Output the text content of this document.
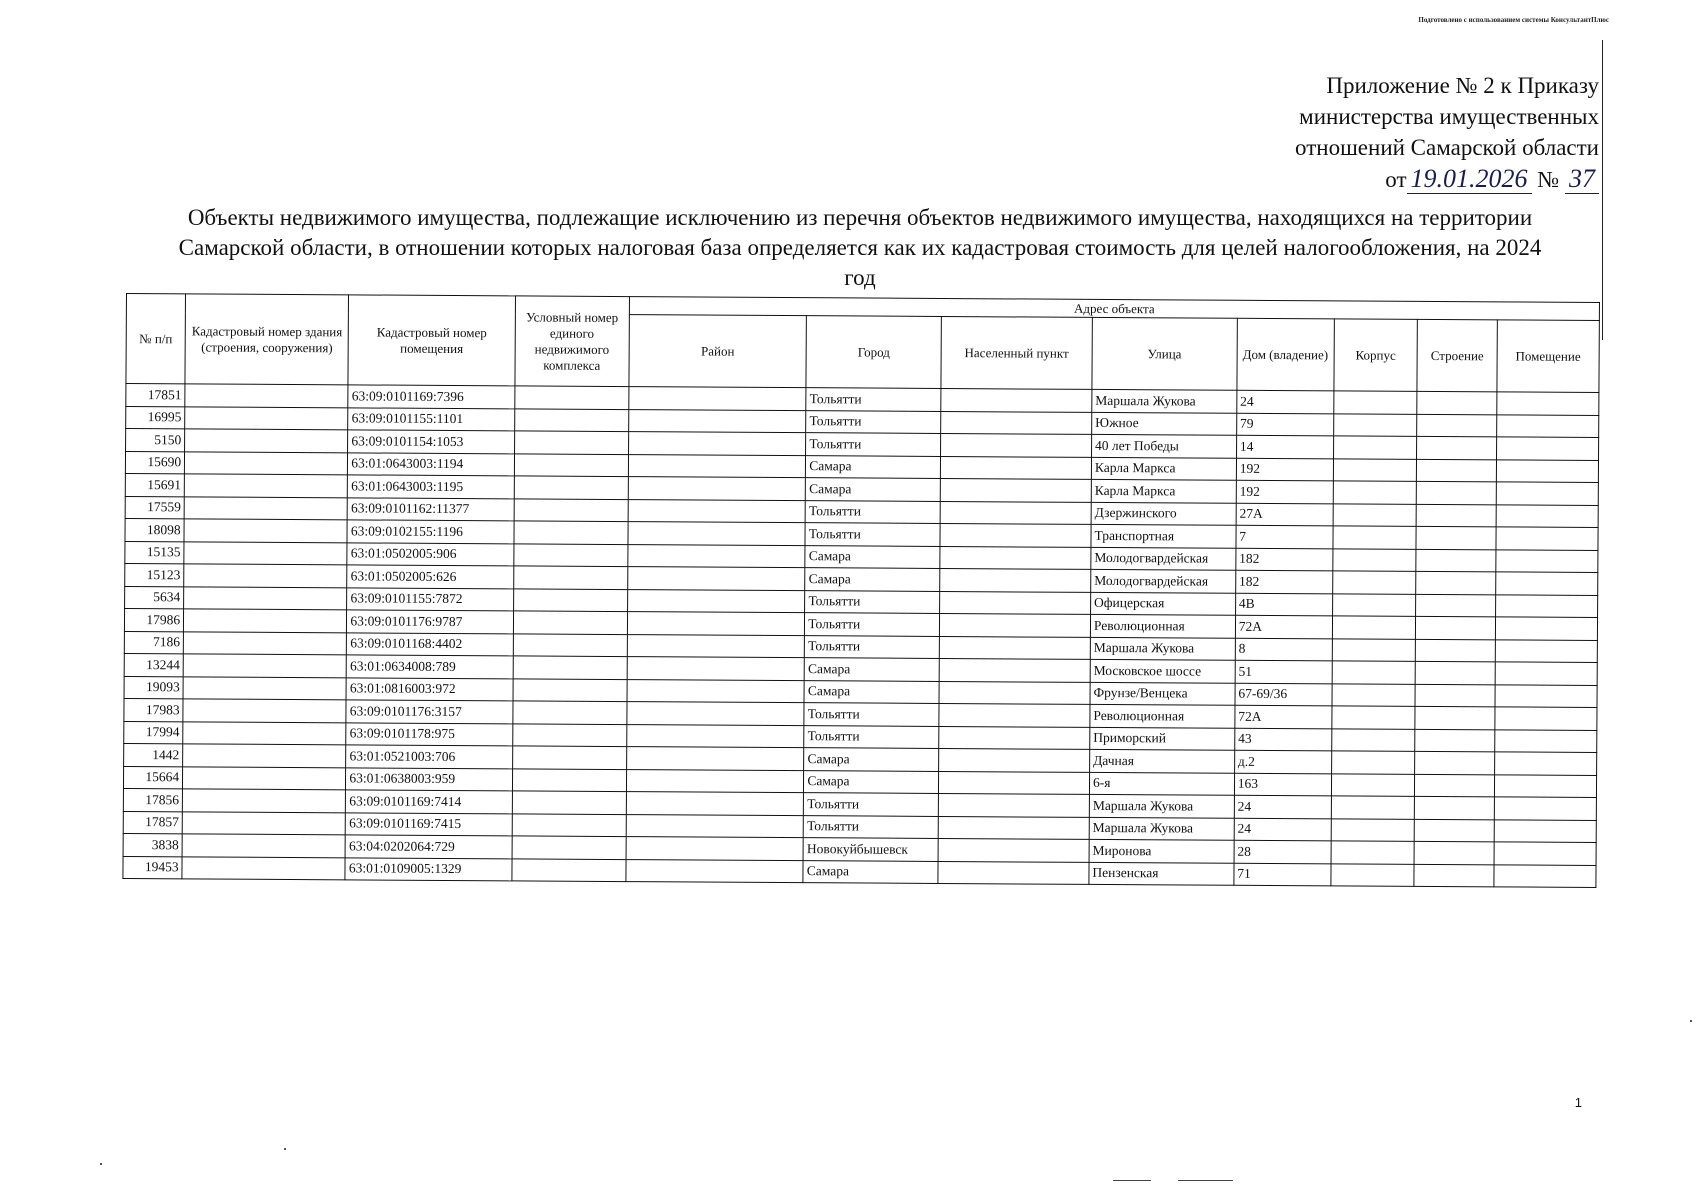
Подготовлено с использованием системы КонсультантПлюс
Приложение № 2 к Приказу
министерства имущественных
отношений Самарской области
от 19.01.2026 № 37
Объекты недвижимого имущества, подлежащие исключению из перечня объектов недвижимого имущества, находящихся на территории Самарской области, в отношении которых налоговая база определяется как их кадастровая стоимость для целей налогообложения, на 2024 год
№ п/п	Кадастровый номер здания (строения, сооружения)	Кадастровый номер помещения	Условный номер единого недвижимого комплекса	Адрес объекта							
				Район	Город	Населенный пункт	Улица	Дом (владение)	Корпус	Строение	Помещение
17851		63:09:0101169:7396			Тольятти		Маршала Жукова	24			
16995		63:09:0101155:1101			Тольятти		Южное	79			
5150		63:09:0101154:1053			Тольятти		40 лет Победы	14			
15690		63:01:0643003:1194			Самара		Карла Маркса	192			
15691		63:01:0643003:1195			Самара		Карла Маркса	192			
17559		63:09:0101162:11377			Тольятти		Дзержинского	27А			
18098		63:09:0102155:1196			Тольятти		Транспортная	7			
15135		63:01:0502005:906			Самара		Молодогвардейская	182			
15123		63:01:0502005:626			Самара		Молодогвардейская	182			
5634		63:09:0101155:7872			Тольятти		Офицерская	4В			
17986		63:09:0101176:9787			Тольятти		Революционная	72А			
7186		63:09:0101168:4402			Тольятти		Маршала Жукова	8			
13244		63:01:0634008:789			Самара		Московское шоссе	51			
19093		63:01:0816003:972			Самара		Фрунзе/Венцека	67-69/36			
17983		63:09:0101176:3157			Тольятти		Революционная	72А			
17994		63:09:0101178:975			Тольятти		Приморский	43			
1442		63:01:0521003:706			Самара		Дачная	д.2			
15664		63:01:0638003:959			Самара		6-я	163			
17856		63:09:0101169:7414			Тольятти		Маршала Жукова	24			
17857		63:09:0101169:7415			Тольятти		Маршала Жукова	24			
3838		63:04:0202064:729			Новокуйбышевск		Миронова	28			
19453		63:01:0109005:1329			Самара		Пензенская	71			
1
